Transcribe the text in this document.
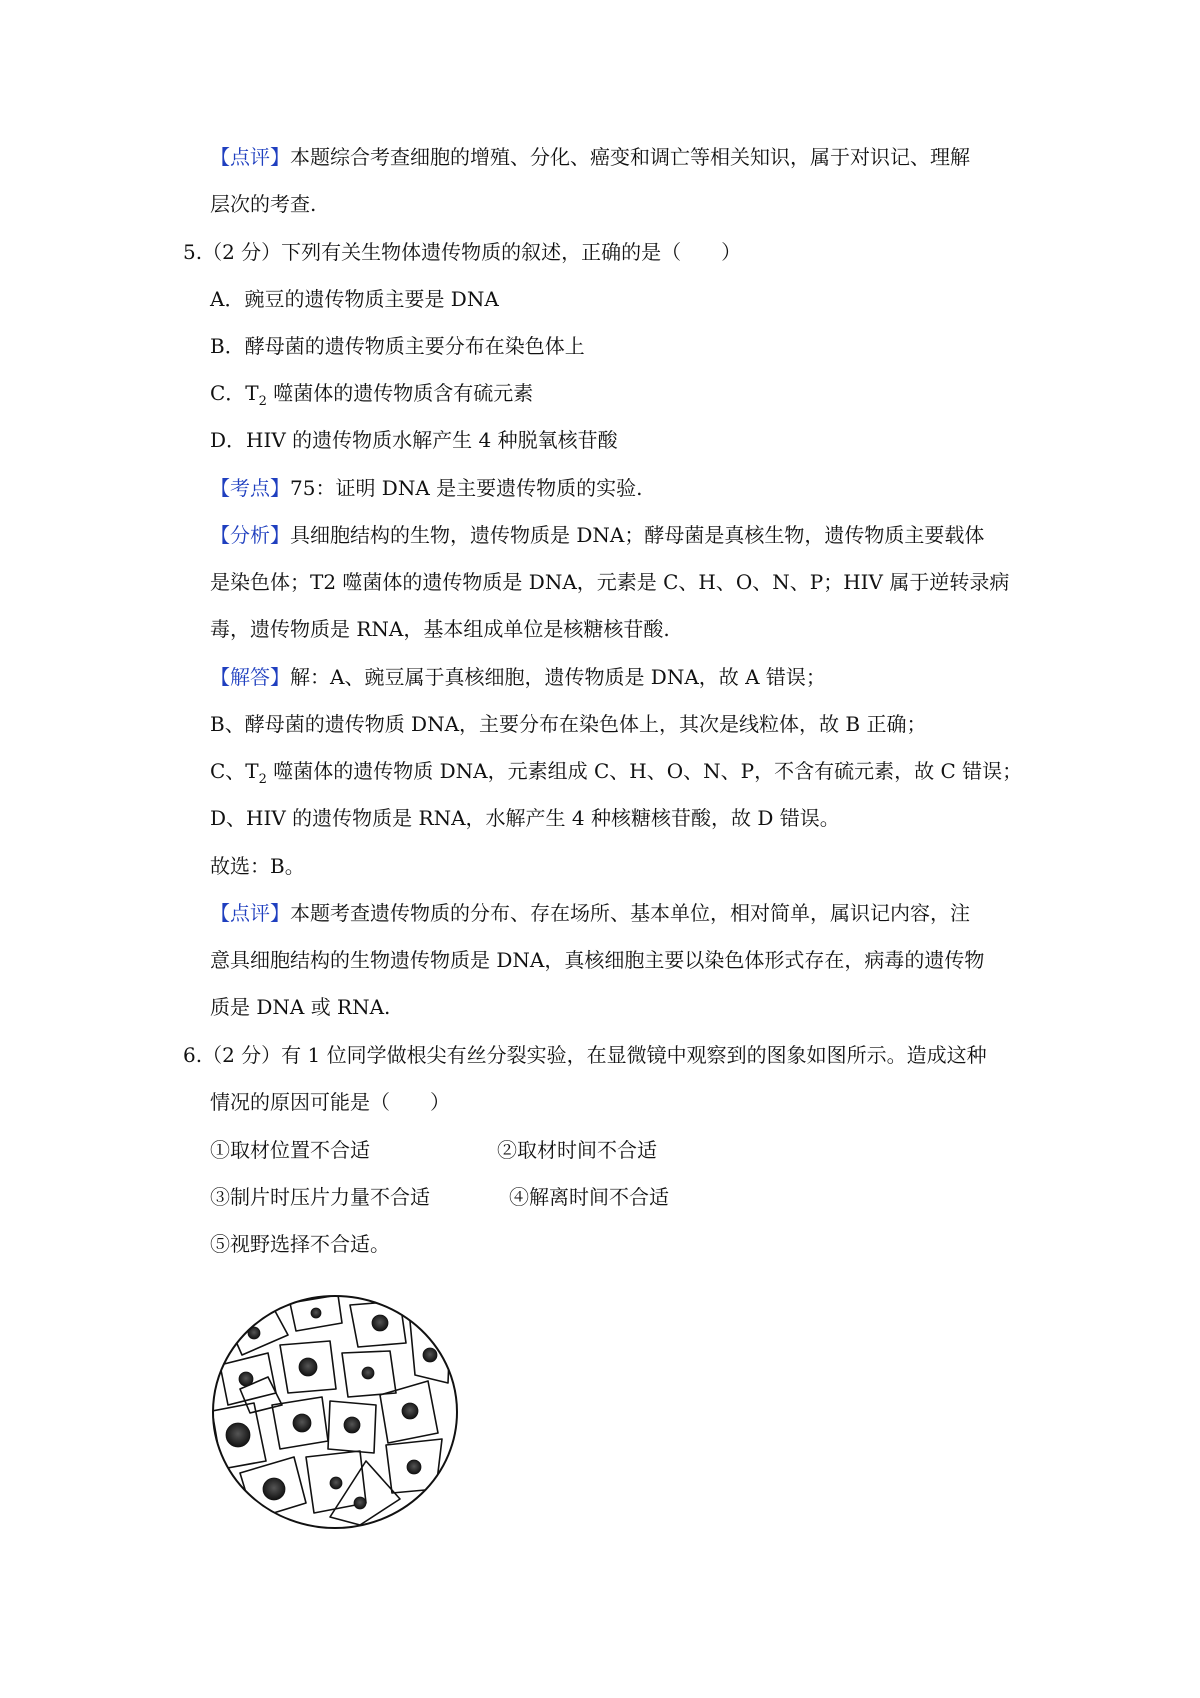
【点评】本题综合考查细胞的增殖、分化、癌变和调亡等相关知识，属于对识记、理解
层次的考查.
5.（2 分）下列有关生物体遗传物质的叙述，正确的是（　　）
A．豌豆的遗传物质主要是 DNA
B．酵母菌的遗传物质主要分布在染色体上
C．$T_2$ 噬菌体的遗传物质含有硫元素
D．HIV 的遗传物质水解产生 4 种脱氧核苷酸
【考点】75：证明 DNA 是主要遗传物质的实验.
【分析】具细胞结构的生物，遗传物质是 DNA；酵母菌是真核生物，遗传物质主要载体
是染色体；T2 噬菌体的遗传物质是 DNA，元素是 C、H、O、N、P；HIV 属于逆转录病
毒，遗传物质是 RNA，基本组成单位是核糖核苷酸.
【解答】解：A、豌豆属于真核细胞，遗传物质是 DNA，故 A 错误；
B、酵母菌的遗传物质 DNA，主要分布在染色体上，其次是线粒体，故 B 正确；
C、$T_2$ 噬菌体的遗传物质 DNA，元素组成 C、H、O、N、P，不含有硫元素，故 C 错误；
D、HIV 的遗传物质是 RNA，水解产生 4 种核糖核苷酸，故 D 错误。
故选：B。
【点评】本题考查遗传物质的分布、存在场所、基本单位，相对简单，属识记内容，注
意具细胞结构的生物遗传物质是 DNA，真核细胞主要以染色体形式存在，病毒的遗传物
质是 DNA 或 RNA.
6.（2 分）有 1 位同学做根尖有丝分裂实验，在显微镜中观察到的图象如图所示。造成这种
情况的原因可能是（　　）
①取材位置不合适	②取材时间不合适
③制片时压片力量不合适	④解离时间不合适
⑤视野选择不合适。
